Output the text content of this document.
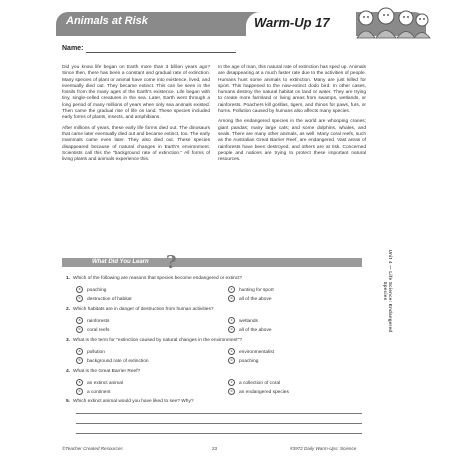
Animals at Risk	Warm-Up 17
Name:

Did you know life began on Earth more than 3 billion years ago? Since then, there has been a constant and gradual rate of extinction. Many species of plant or animal have come into existence, lived, and eventually died out. They became extinct. This can be seen in the fossils from the many ages of the Earth's existence. Life began with tiny, single-celled creatures in the sea. Later, Earth went through a long period of many millions of years when only sea animals existed. Then came the gradual rise of life on land. These species included early forms of plants, insects, and amphibians.

After millions of years, these early life forms died out. The dinosaurs that came later eventually died out and became extinct, too. The early mammals came even later. They also died out. These species disappeared because of natural changes in Earth's environment. Scientists call this the "background rate of extinction." All forms of living plants and animals experience this.

In the age of man, this natural rate of extinction has sped up. Animals are disappearing at a much faster rate due to the activities of people. Humans hunt some animals to extinction. Many are just killed for sport. This happened to the now-extinct dodo bird. In other cases, humans destroy the natural habitat on land or water. They are trying to create more farmland or living areas from swamps, wetlands, or rainforests. Poachers kill gorillas, tigers, and rhinos for paws, furs, or horns. Pollution caused by humans also affects many species.

Among the endangered species in the world are whooping cranes; giant pandas; many large cats; and some dolphins, whales, and seals. There are many other animals, as well. Many coral reefs, such as the Australian Great Barrier Reef, are endangered. Vast areas of rainforests have been destroyed, and others are at risk. Concerned people and nations are trying to protect these important natural resources.

What Did You Learn ?
1. Which of the following are reasons that species become endangered or extinct?
a poaching	c hunting for sport
b destruction of habitat	d all of the above
2. Which habitats are in danger of destruction from human activities?
a rainforests	c wetlands
b coral reefs	d all of the above
3. What is the term for "extinction caused by natural changes in the environment"?
a pollution	c environmentalist
b background rate of extinction	d poaching
4. What is the Great Barrier Reef?
a an extinct animal	c a collection of coral
b a continent	d an endangered species
5. Which extinct animal would you have liked to see? Why?
Unit 4 — Life Science: Endangered Species
©Teacher Created Resources	23	#3972 Daily Warm-Ups: Science
